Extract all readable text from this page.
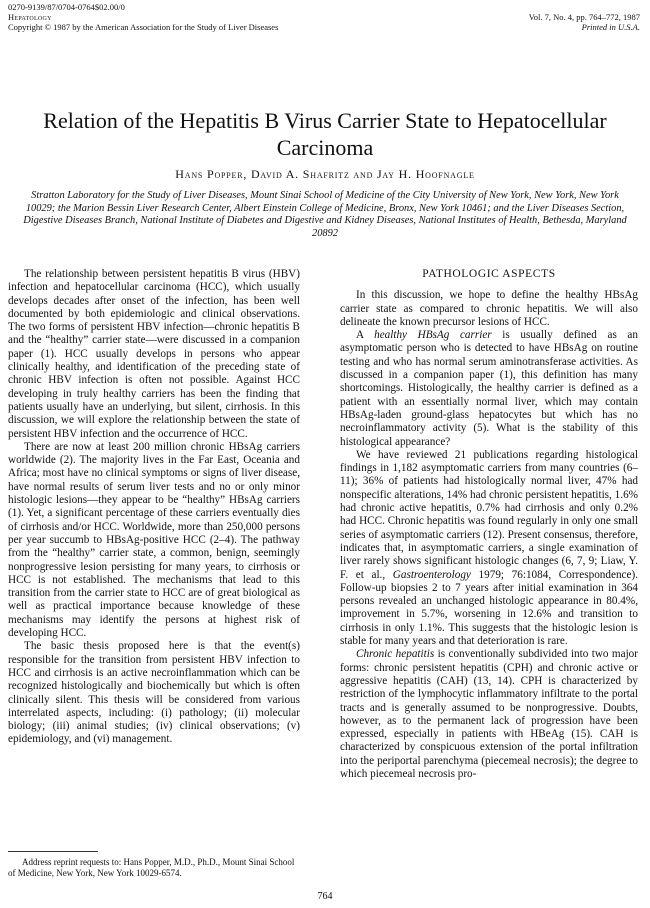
0270-9139/87/0704-0764$02.00/0
Hepatology
Copyright © 1987 by the American Association for the Study of Liver Diseases
Vol. 7, No. 4, pp. 764–772, 1987
Printed in U.S.A.
Relation of the Hepatitis B Virus Carrier State to Hepatocellular Carcinoma
Hans Popper, David A. Shafritz and Jay H. Hoofnagle
Stratton Laboratory for the Study of Liver Diseases, Mount Sinai School of Medicine of the City University of New York, New York, New York 10029; the Marion Bessin Liver Research Center, Albert Einstein College of Medicine, Bronx, New York 10461; and the Liver Diseases Section, Digestive Diseases Branch, National Institute of Diabetes and Digestive and Kidney Diseases, National Institutes of Health, Bethesda, Maryland 20892

The relationship between persistent hepatitis B virus (HBV) infection and hepatocellular carcinoma (HCC), which usually develops decades after onset of the infection, has been well documented by both epidemiologic and clinical observations. The two forms of persistent HBV infection—chronic hepatitis B and the “healthy” carrier state—were discussed in a companion paper (1). HCC usually develops in persons who appear clinically healthy, and identification of the preceding state of chronic HBV infection is often not possible. Against HCC developing in truly healthy carriers has been the finding that patients usually have an underlying, but silent, cirrhosis. In this discussion, we will explore the relationship between the state of persistent HBV infection and the occurrence of HCC.

There are now at least 200 million chronic HBsAg carriers worldwide (2). The majority lives in the Far East, Oceania and Africa; most have no clinical symptoms or signs of liver disease, have normal results of serum liver tests and no or only minor histologic lesions—they appear to be “healthy” HBsAg carriers (1). Yet, a significant percentage of these carriers eventually dies of cirrhosis and/or HCC. Worldwide, more than 250,000 persons per year succumb to HBsAg-positive HCC (2–4). The pathway from the “healthy” carrier state, a common, benign, seemingly nonprogressive lesion persisting for many years, to cirrhosis or HCC is not established. The mechanisms that lead to this transition from the carrier state to HCC are of great biological as well as practical importance because knowledge of these mechanisms may identify the persons at highest risk of developing HCC.

The basic thesis proposed here is that the event(s) responsible for the transition from persistent HBV infection to HCC and cirrhosis is an active necroinflammation which can be recognized histologically and biochemically but which is often clinically silent. This thesis will be considered from various interrelated aspects, including: (i) pathology; (ii) molecular biology; (iii) animal studies; (iv) clinical observations; (v) epidemiology, and (vi) management.

Address reprint requests to: Hans Popper, M.D., Ph.D., Mount Sinai School of Medicine, New York, New York 10029-6574.
PATHOLOGIC ASPECTS

In this discussion, we hope to define the healthy HBsAg carrier state as compared to chronic hepatitis. We will also delineate the known precursor lesions of HCC.

A healthy HBsAg carrier is usually defined as an asymptomatic person who is detected to have HBsAg on routine testing and who has normal serum aminotransferase activities. As discussed in a companion paper (1), this definition has many shortcomings. Histologically, the healthy carrier is defined as a patient with an essentially normal liver, which may contain HBsAg-laden ground-glass hepatocytes but which has no necroinflammatory activity (5). What is the stability of this histological appearance?

We have reviewed 21 publications regarding histological findings in 1,182 asymptomatic carriers from many countries (6–11); 36% of patients had histologically normal liver, 47% had nonspecific alterations, 14% had chronic persistent hepatitis, 1.6% had chronic active hepatitis, 0.7% had cirrhosis and only 0.2% had HCC. Chronic hepatitis was found regularly in only one small series of asymptomatic carriers (12). Present consensus, therefore, indicates that, in asymptomatic carriers, a single examination of liver rarely shows significant histologic changes (6, 7, 9; Liaw, Y. F. et al., Gastroenterology 1979; 76:1084, Correspondence). Follow-up biopsies 2 to 7 years after initial examination in 364 persons revealed an unchanged histologic appearance in 80.4%, improvement in 5.7%, worsening in 12.6% and transition to cirrhosis in only 1.1%. This suggests that the histologic lesion is stable for many years and that deterioration is rare.

Chronic hepatitis is conventionally subdivided into two major forms: chronic persistent hepatitis (CPH) and chronic active or aggressive hepatitis (CAH) (13, 14). CPH is characterized by restriction of the lymphocytic inflammatory infiltrate to the portal tracts and is generally assumed to be nonprogressive. Doubts, however, as to the permanent lack of progression have been expressed, especially in patients with HBeAg (15). CAH is characterized by conspicuous extension of the portal infiltration into the periportal parenchyma (piecemeal necrosis); the degree to which piecemeal necrosis pro-

764
